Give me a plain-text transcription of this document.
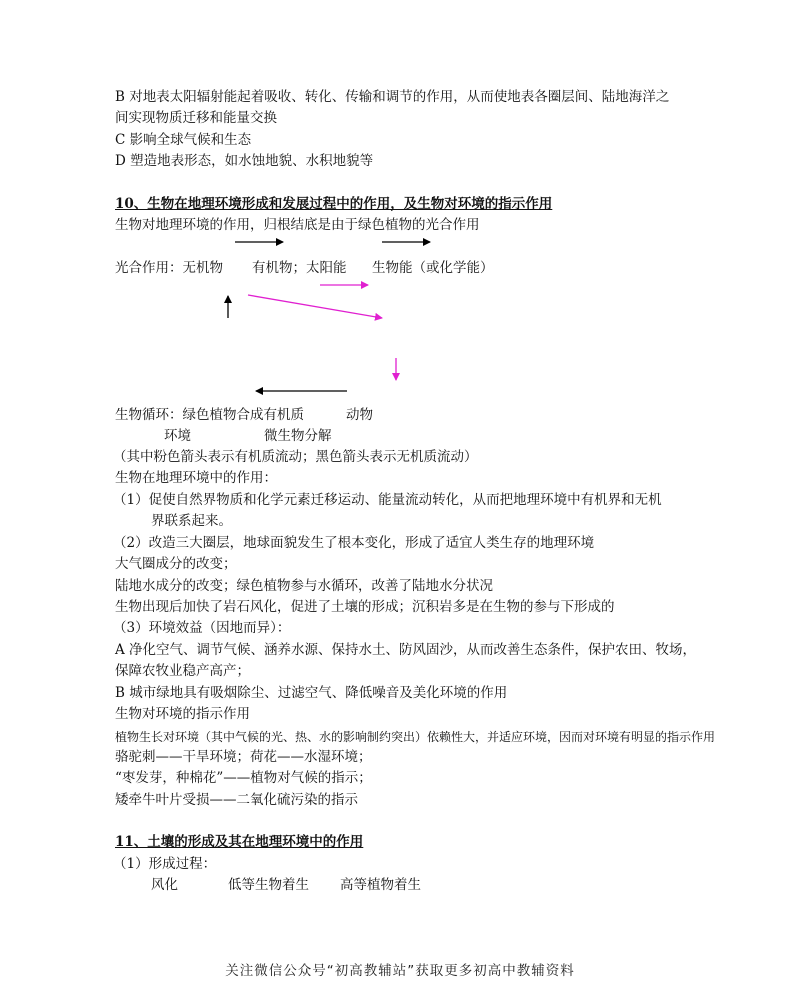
B 对地表太阳辐射能起着吸收、转化、传输和调节的作用，从而使地表各圈层间、陆地海洋之
间实现物质迁移和能量交换
C 影响全球气候和生态
D 塑造地表形态，如水蚀地貌、水积地貌等
10、生物在地理环境形成和发展过程中的作用，及生物对环境的指示作用
生物对地理环境的作用，归根结底是由于绿色植物的光合作用
光合作用：无机物 有机物；太阳能 生物能（或化学能）
生物循环：绿色植物合成有机质	动物
环境	微生物分解
（其中粉色箭头表示有机质流动；黑色箭头表示无机质流动）
生物在地理环境中的作用：
（1）促使自然界物质和化学元素迁移运动、能量流动转化，从而把地理环境中有机界和无机
界联系起来。
（2）改造三大圈层，地球面貌发生了根本变化，形成了适宜人类生存的地理环境
大气圈成分的改变；
陆地水成分的改变；绿色植物参与水循环，改善了陆地水分状况
生物出现后加快了岩石风化，促进了土壤的形成；沉积岩多是在生物的参与下形成的
（3）环境效益（因地而异）：
A 净化空气、调节气候、涵养水源、保持水土、防风固沙，从而改善生态条件，保护农田、牧场，
保障农牧业稳产高产；
B 城市绿地具有吸烟除尘、过滤空气、降低噪音及美化环境的作用
生物对环境的指示作用
植物生长对环境（其中气候的光、热、水的影响制约突出）依赖性大，并适应环境，因而对环境有明显的指示作用
骆驼刺——干旱环境；荷花——水湿环境；
“枣发芽，种棉花”——植物对气候的指示；
矮牵牛叶片受损——二氧化硫污染的指示
11、土壤的形成及其在地理环境中的作用
（1）形成过程：
风化	低等生物着生 高等植物着生
关注微信公众号“初高教辅站”获取更多初高中教辅资料
